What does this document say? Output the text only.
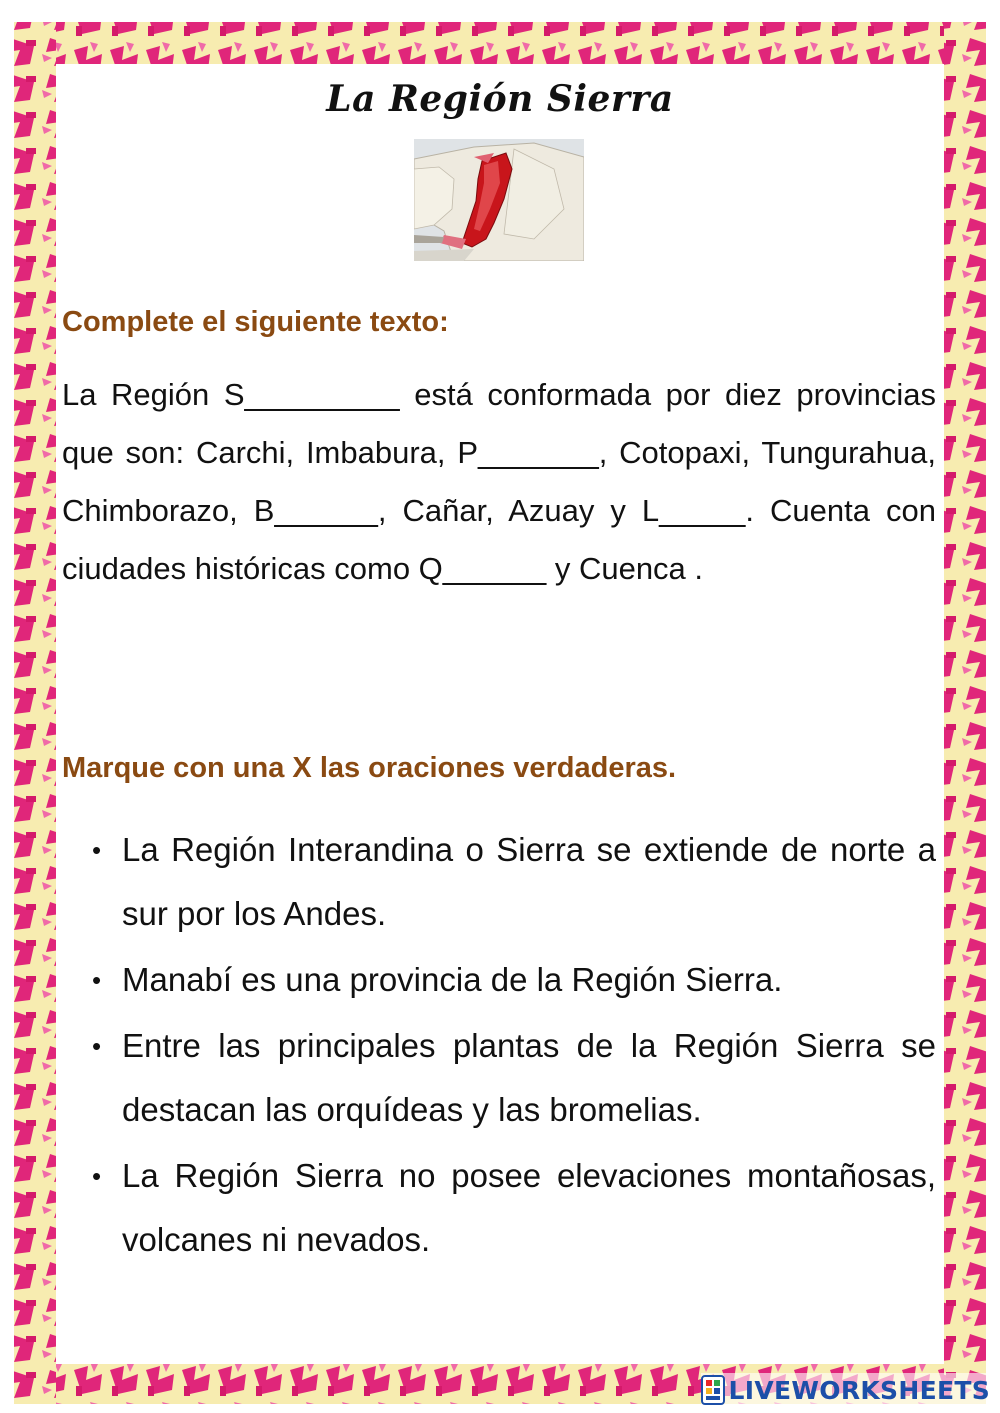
La Región Sierra
Complete el siguiente texto:

La Región S_________ está conformada por diez provincias que son: Carchi, Imbabura, P_______, Cotopaxi, Tungurahua, Chimborazo, B______, Cañar, Azuay y L_____. Cuenta con ciudades históricas como Q______ y Cuenca .

Marque con una X las oraciones verdaderas.
• La Región Interandina o Sierra se extiende de norte a sur por los Andes.
• Manabí es una provincia de la Región Sierra.
• Entre las principales plantas de la Región Sierra se destacan las orquídeas y las bromelias.
• La Región Sierra no posee elevaciones montañosas, volcanes ni nevados.
LIVEWORKSHEETS
